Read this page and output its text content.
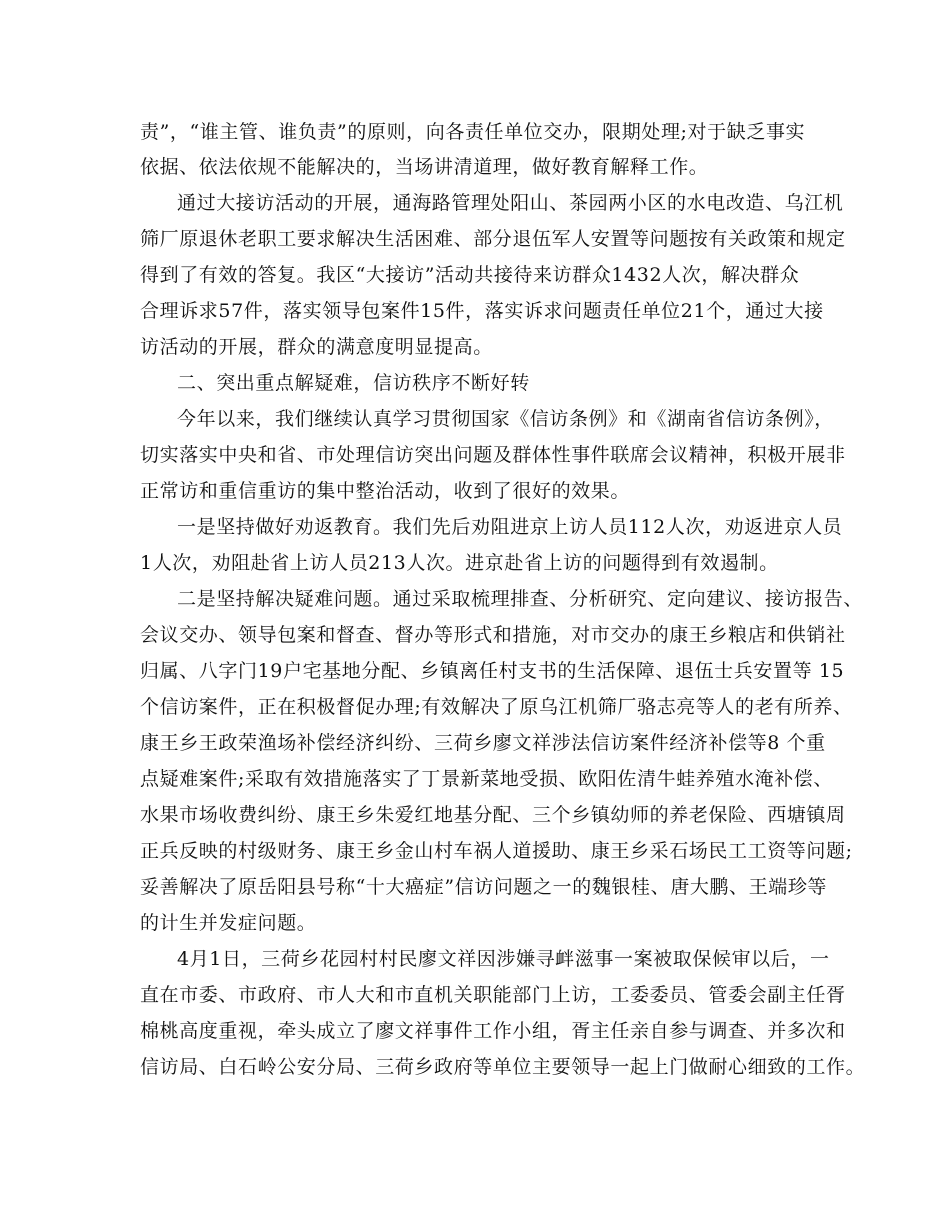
责”，“谁主管、谁负责”的原则，向各责任单位交办，限期处理;对于缺乏事实
依据、依法依规不能解决的，当场讲清道理，做好教育解释工作。
通过大接访活动的开展，通海路管理处阳山、茶园两小区的水电改造、乌江机
筛厂原退休老职工要求解决生活困难、部分退伍军人安置等问题按有关政策和规定
得到了有效的答复。我区“大接访”活动共接待来访群众1432人次，解决群众
合理诉求57件，落实领导包案件15件，落实诉求问题责任单位21个，通过大接
访活动的开展，群众的满意度明显提高。
二、突出重点解疑难，信访秩序不断好转
今年以来，我们继续认真学习贯彻国家《信访条例》和《湖南省信访条例》，
切实落实中央和省、市处理信访突出问题及群体性事件联席会议精神，积极开展非
正常访和重信重访的集中整治活动，收到了很好的效果。
一是坚持做好劝返教育。我们先后劝阻进京上访人员112人次，劝返进京人员
1人次，劝阻赴省上访人员213人次。进京赴省上访的问题得到有效遏制。
二是坚持解决疑难问题。通过采取梳理排查、分析研究、定向建议、接访报告、
会议交办、领导包案和督查、督办等形式和措施，对市交办的康王乡粮店和供销社
归属、八字门19户宅基地分配、乡镇离任村支书的生活保障、退伍士兵安置等 15
个信访案件，正在积极督促办理;有效解决了原乌江机筛厂骆志亮等人的老有所养、
康王乡王政荣渔场补偿经济纠纷、三荷乡廖文祥涉法信访案件经济补偿等8 个重
点疑难案件;采取有效措施落实了丁景新菜地受损、欧阳佐清牛蛙养殖水淹补偿、
水果市场收费纠纷、康王乡朱爱红地基分配、三个乡镇幼师的养老保险、西塘镇周
正兵反映的村级财务、康王乡金山村车祸人道援助、康王乡采石场民工工资等问题;
妥善解决了原岳阳县号称“十大癌症”信访问题之一的魏银桂、唐大鹏、王端珍等
的计生并发症问题。
4月1日，三荷乡花园村村民廖文祥因涉嫌寻衅滋事一案被取保候审以后，一
直在市委、市政府、市人大和市直机关职能部门上访，工委委员、管委会副主任胥
棉桃高度重视，牵头成立了廖文祥事件工作小组，胥主任亲自参与调查、并多次和
信访局、白石岭公安分局、三荷乡政府等单位主要领导一起上门做耐心细致的工作。
